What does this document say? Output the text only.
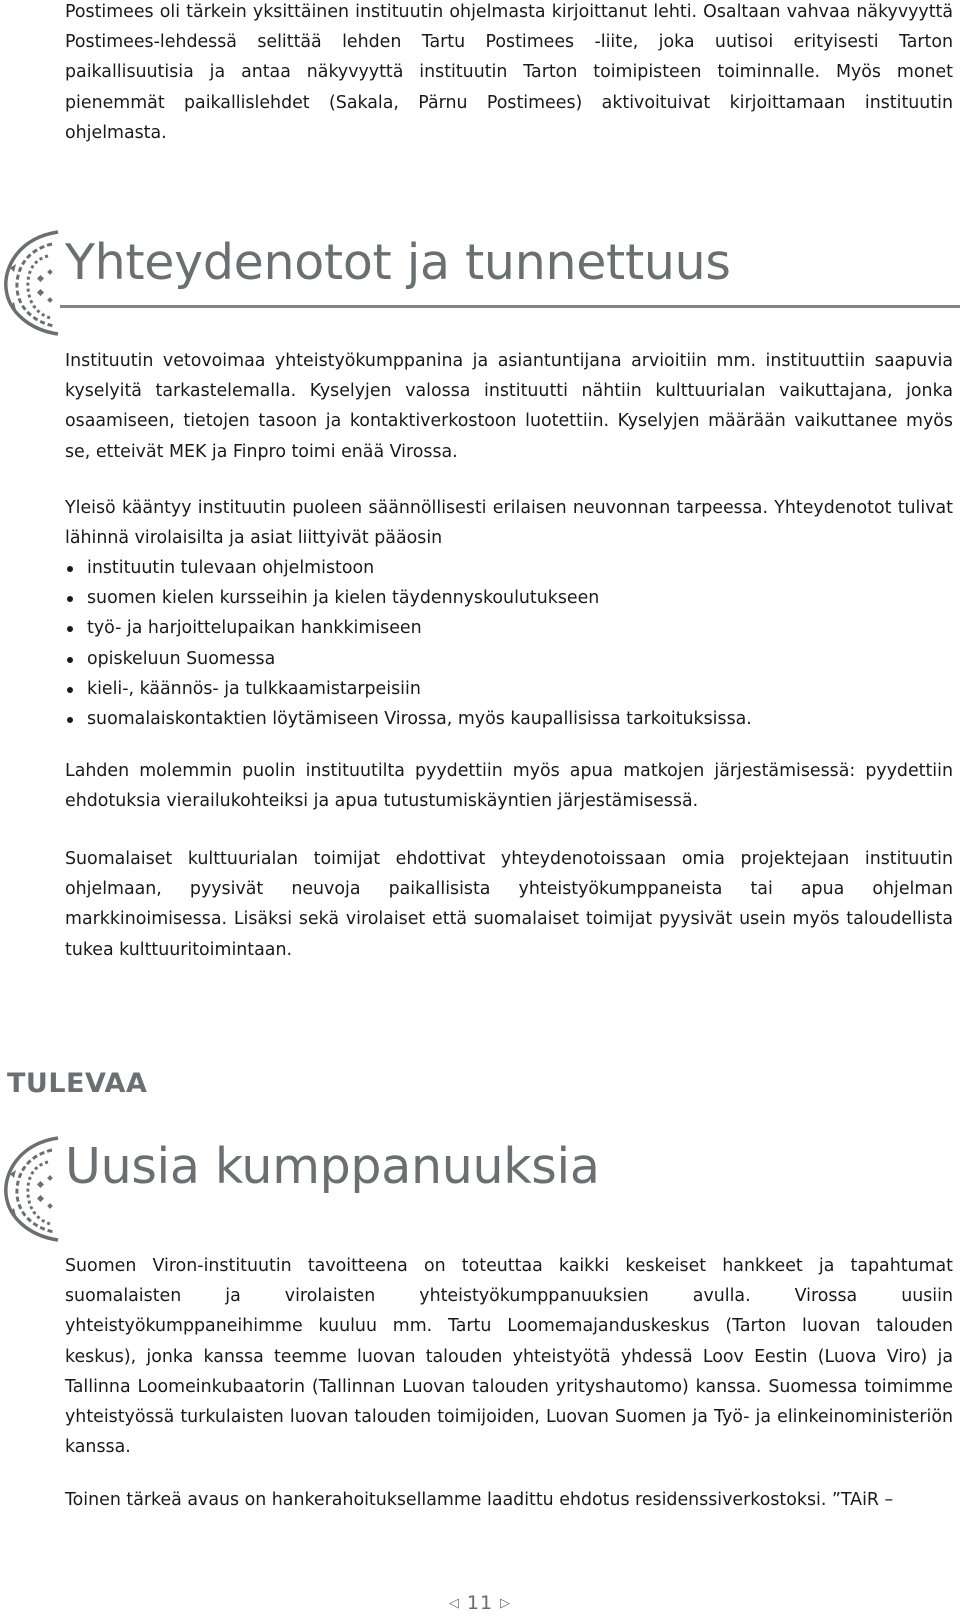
Postimees oli tärkein yksittäinen instituutin ohjelmasta kirjoittanut lehti. Osaltaan vahvaa näkyvyyttä Postimees-lehdessä selittää lehden Tartu Postimees -liite, joka uutisoi erityisesti Tarton paikallisuutisia ja antaa näkyvyyttä instituutin Tarton toimipisteen toiminnalle. Myös monet pienemmät paikallislehdet (Sakala, Pärnu Postimees) aktivoituivat kirjoittamaan instituutin ohjelmasta.

Yhteydenotot ja tunnettuus

Instituutin vetovoimaa yhteistyökumppanina ja asiantuntijana arvioitiin mm. instituuttiin saapuvia kyselyitä tarkastelemalla. Kyselyjen valossa instituutti nähtiin kulttuurialan vaikuttajana, jonka osaamiseen, tietojen tasoon ja kontaktiverkostoon luotettiin. Kyselyjen määrään vaikuttanee myös se, etteivät MEK ja Finpro toimi enää Virossa.

Yleisö kääntyy instituutin puoleen säännöllisesti erilaisen neuvonnan tarpeessa. Yhteydenotot tulivat lähinnä virolaisilta ja asiat liittyivät pääosin

instituutin tulevaan ohjelmistoon
suomen kielen kursseihin ja kielen täydennyskoulutukseen
työ- ja harjoittelupaikan hankkimiseen
opiskeluun Suomessa
kieli-, käännös- ja tulkkaamistarpeisiin
suomalaiskontaktien löytämiseen Virossa, myös kaupallisissa tarkoituksissa.

Lahden molemmin puolin instituutilta pyydettiin myös apua matkojen järjestämisessä: pyydettiin ehdotuksia vierailukohteiksi ja apua tutustumiskäyntien järjestämisessä.

Suomalaiset kulttuurialan toimijat ehdottivat yhteydenotoissaan omia projektejaan instituutin ohjelmaan, pyysivät neuvoja paikallisista yhteistyökumppaneista tai apua ohjelman markkinoimisessa. Lisäksi sekä virolaiset että suomalaiset toimijat pyysivät usein myös taloudellista tukea kulttuuritoimintaan.

TULEVAA
Uusia kumppanuuksia

Suomen Viron-instituutin tavoitteena on toteuttaa kaikki keskeiset hankkeet ja tapahtumat suomalaisten ja virolaisten yhteistyökumppanuuksien avulla. Virossa uusiin yhteistyökumppaneihimme kuuluu mm. Tartu Loomemajanduskeskus (Tarton luovan talouden keskus), jonka kanssa teemme luovan talouden yhteistyötä yhdessä Loov Eestin (Luova Viro) ja Tallinna Loomeinkubaatorin (Tallinnan Luovan talouden yrityshautomo) kanssa. Suomessa toimimme yhteistyössä turkulaisten luovan talouden toimijoiden, Luovan Suomen ja Työ- ja elinkeinoministeriön kanssa.

Toinen tärkeä avaus on hankerahoituksellamme laadittu ehdotus residenssiverkostoksi. ”TAiR –

◁ 11 ▷
